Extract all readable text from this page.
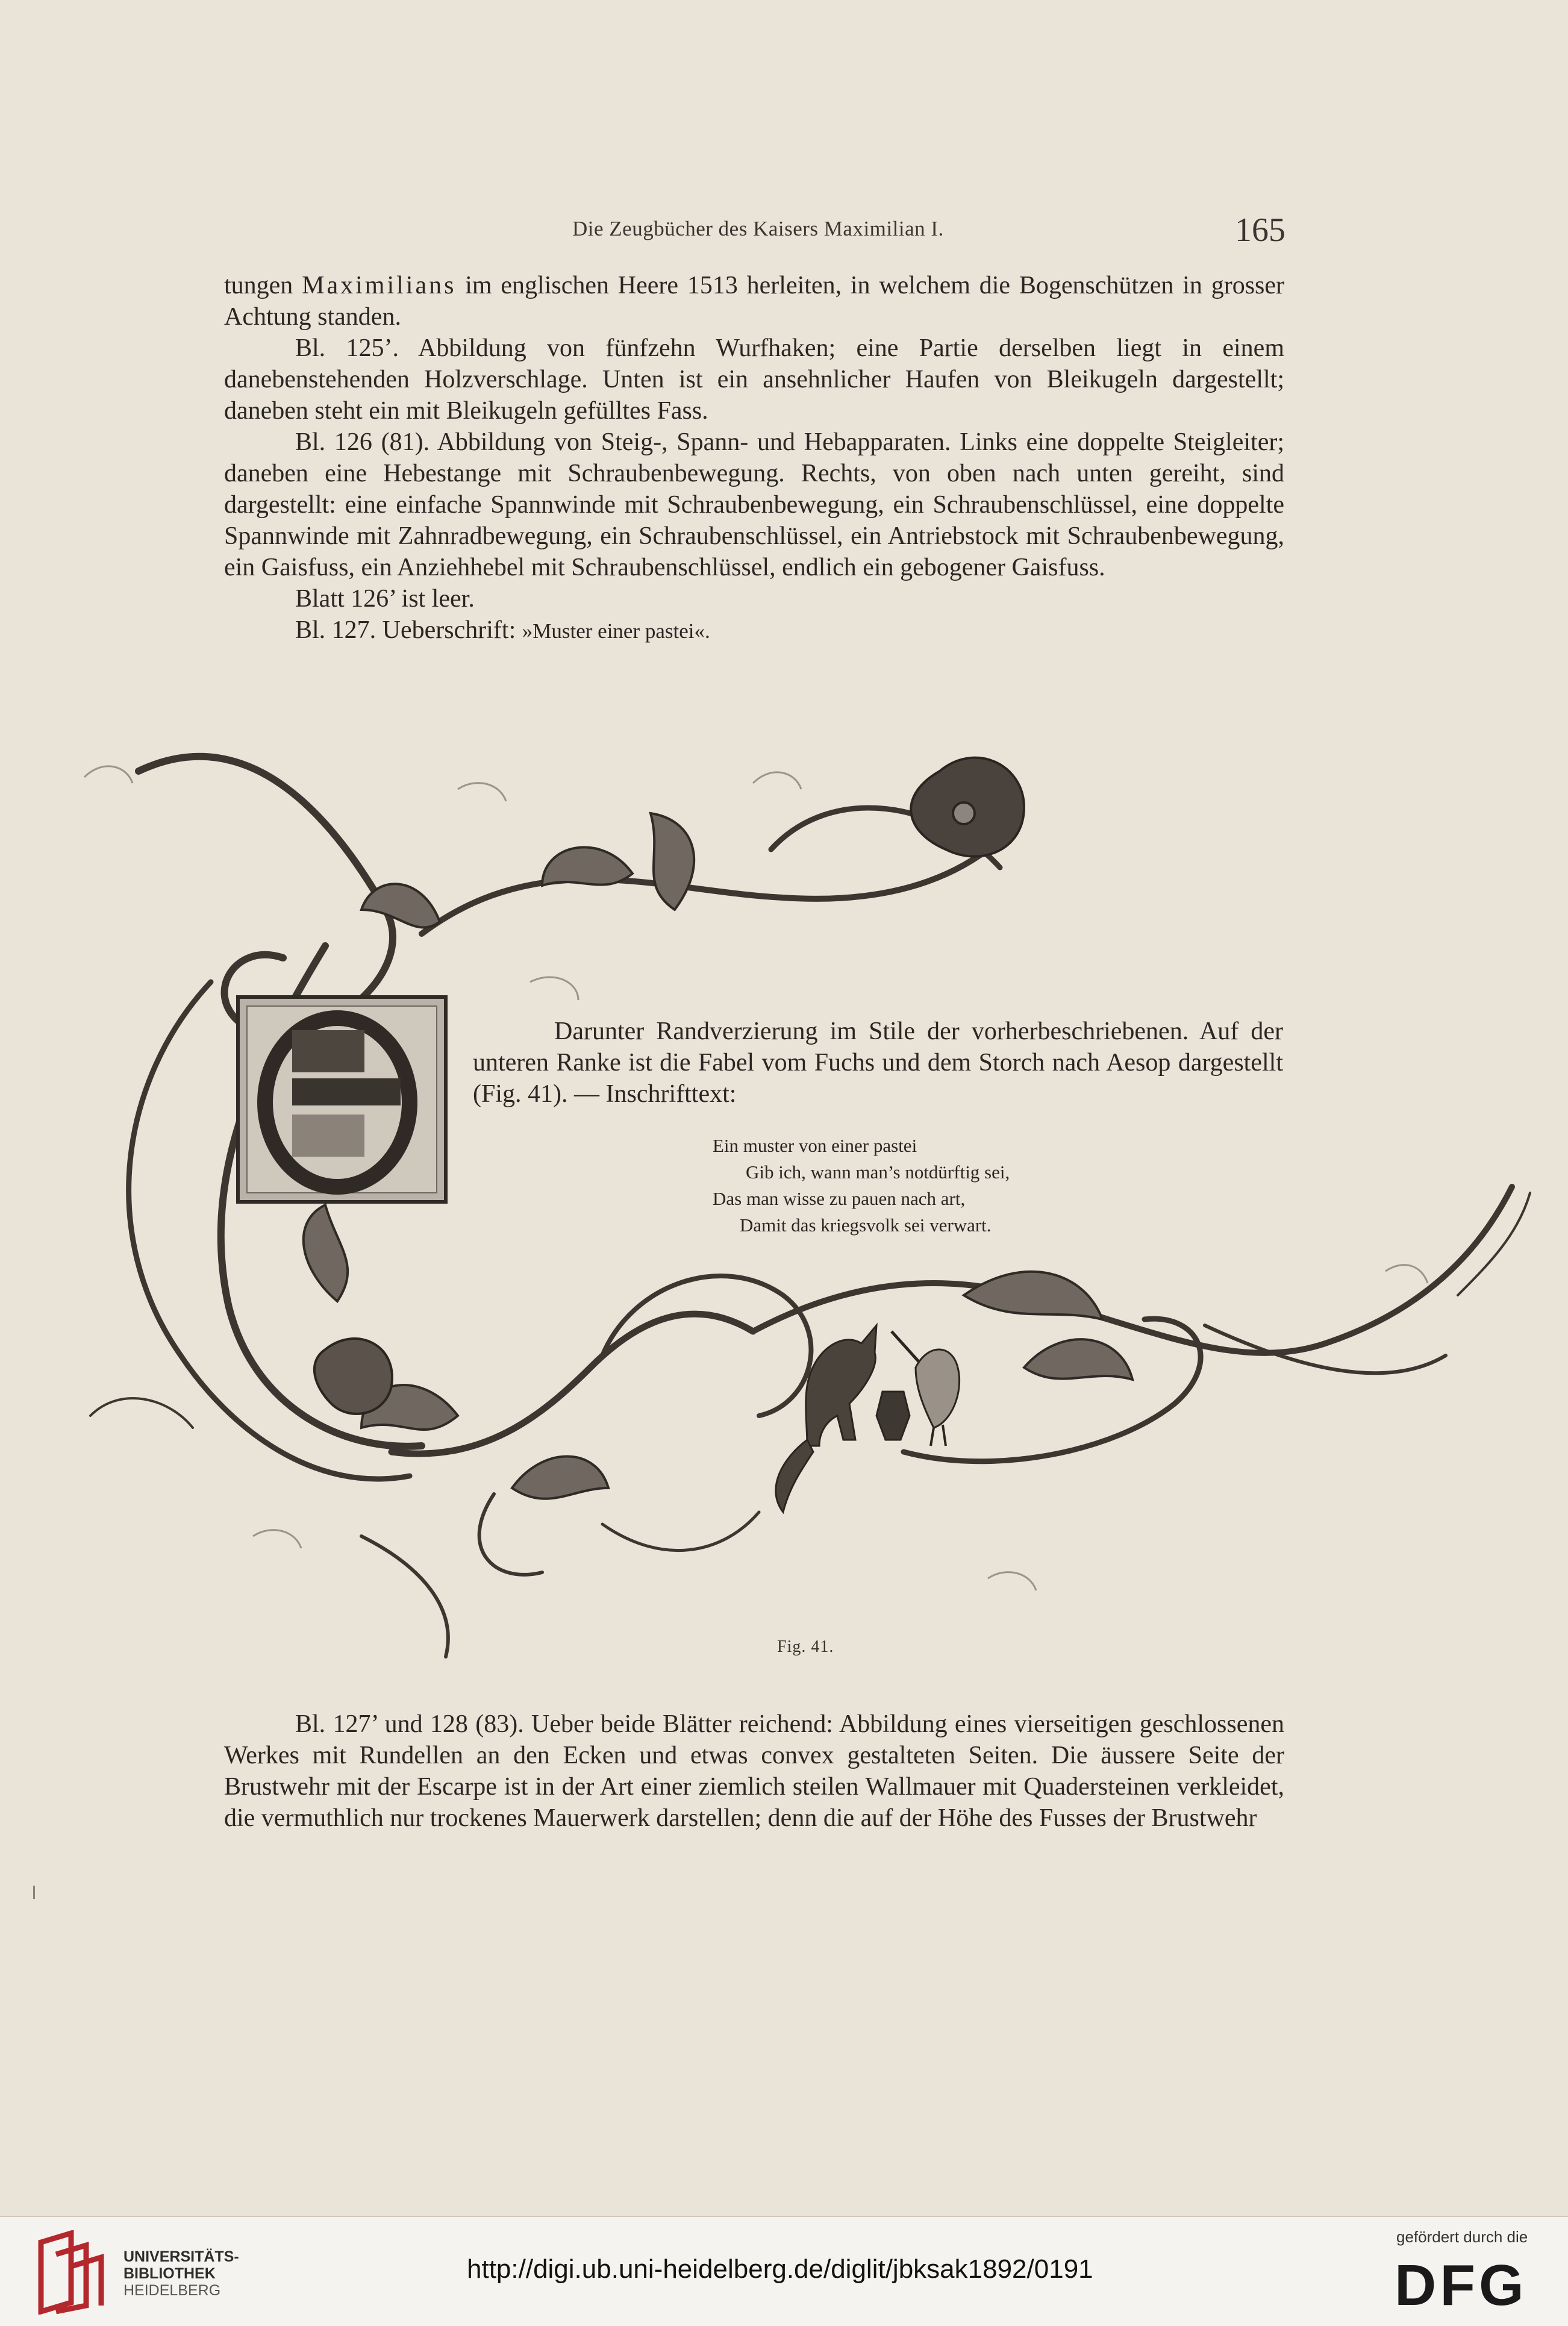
Die Zeugbücher des Kaisers Maximilian I.	165

tungen Maximilians im englischen Heere 1513 herleiten, in welchem die Bogenschützen in grosser Achtung standen.

Bl. 125’. Abbildung von fünfzehn Wurfhaken; eine Partie derselben liegt in einem danebenstehenden Holzverschlage. Unten ist ein ansehnlicher Haufen von Bleikugeln dargestellt; daneben steht ein mit Bleikugeln gefülltes Fass.

Bl. 126 (81). Abbildung von Steig-, Spann- und Hebapparaten. Links eine doppelte Steigleiter; daneben eine Hebestange mit Schraubenbewegung. Rechts, von oben nach unten gereiht, sind dargestellt: eine einfache Spannwinde mit Schraubenbewegung, ein Schraubenschlüssel, eine doppelte Spannwinde mit Zahnradbewegung, ein Schraubenschlüssel, ein Antriebstock mit Schraubenbewegung, ein Gaisfuss, ein Anziehhebel mit Schraubenschlüssel, endlich ein gebogener Gaisfuss.

Blatt 126’ ist leer.

Bl. 127. Ueberschrift: »Muster einer pastei«.

Darunter Randverzierung im Stile der vorherbeschriebenen. Auf der unteren Ranke ist die Fabel vom Fuchs und dem Storch nach Aesop dargestellt (Fig. 41). — Inschrifttext:

Ein muster von einer pastei
Gib ich, wann man’s notdürftig sei,
Das man wisse zu pauen nach art,
Damit das kriegsvolk sei verwart.
Fig. 41.

Bl. 127’ und 128 (83). Ueber beide Blätter reichend: Abbildung eines vierseitigen geschlossenen Werkes mit Rundellen an den Ecken und etwas convex gestalteten Seiten. Die äussere Seite der Brustwehr mit der Escarpe ist in der Art einer ziemlich steilen Wallmauer mit Quadersteinen verkleidet, die vermuthlich nur trockenes Mauerwerk darstellen; denn die auf der Höhe des Fusses der Brustwehr

UNIVERSITÄTS-
BIBLIOTHEK
HEIDELBERG
http://digi.ub.uni-heidelberg.de/diglit/jbksak1892/0191
gefördert durch die
DFG
